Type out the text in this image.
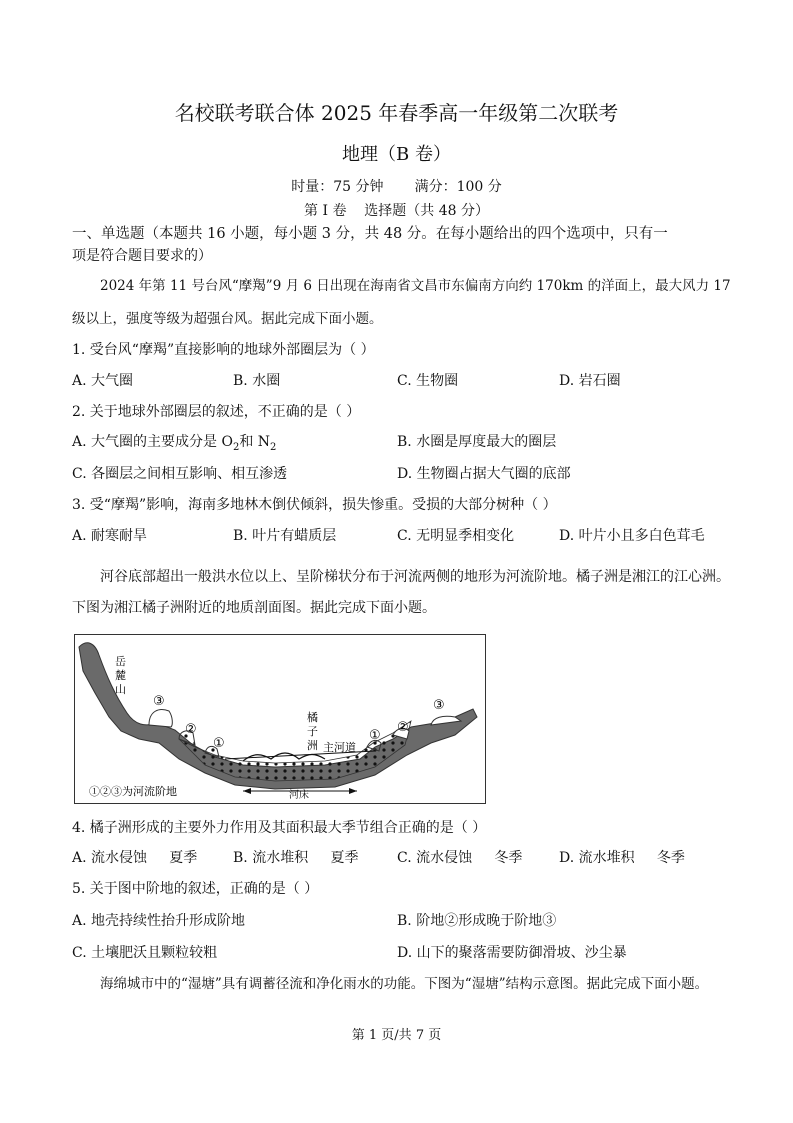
名校联考联合体 2025 年春季高一年级第二次联考
地理（B 卷）
时量：75 分钟       满分：100 分
第 I 卷    选择题（共 48 分）
一、单选题（本题共 16 小题，每小题 3 分，共 48 分。在每小题给出的四个选项中，只有一
项是符合题目要求的）
2024 年第 11 号台风“摩羯”9 月 6 日出现在海南省文昌市东偏南方向约 170km 的洋面上，最大风力 17
级以上，强度等级为超强台风。据此完成下面小题。
1. 受台风“摩羯”直接影响的地球外部圈层为（ ）
A. 大气圈	B. 水圈	C. 生物圈	D. 岩石圈
2. 关于地球外部圈层的叙述，不正确的是（ ）
A. 大气圈的主要成分是 $O_2$和 $N_2$	B. 水圈是厚度最大的圈层
C. 各圈层之间相互影响、相互渗透	D. 生物圈占据大气圈的底部
3. 受“摩羯”影响，海南多地林木倒伏倾斜，损失惨重。受损的大部分树种（ ）
A. 耐寒耐旱	B. 叶片有蜡质层	C. 无明显季相变化	D. 叶片小且多白色茸毛
河谷底部超出一般洪水位以上、呈阶梯状分布于河流两侧的地形为河流阶地。橘子洲是湘江的江心洲。
下图为湘江橘子洲附近的地质剖面图。据此完成下面小题。
岳
麓
山
橘
子
洲 主河道
河床
③
②
①
①
②
③
①②③为河流阶地
4. 橘子洲形成的主要外力作用及其面积最大季节组合正确的是（ ）
A. 流水侵蚀     夏季	B. 流水堆积     夏季	C. 流水侵蚀     冬季	D. 流水堆积     冬季
5. 关于图中阶地的叙述，正确的是（ ）
A. 地壳持续性抬升形成阶地	B. 阶地②形成晚于阶地③
C. 土壤肥沃且颗粒较粗	D. 山下的聚落需要防御滑坡、沙尘暴
海绵城市中的“湿塘”具有调蓄径流和净化雨水的功能。下图为“湿塘”结构示意图。据此完成下面小题。
第 1 页/共 7 页
